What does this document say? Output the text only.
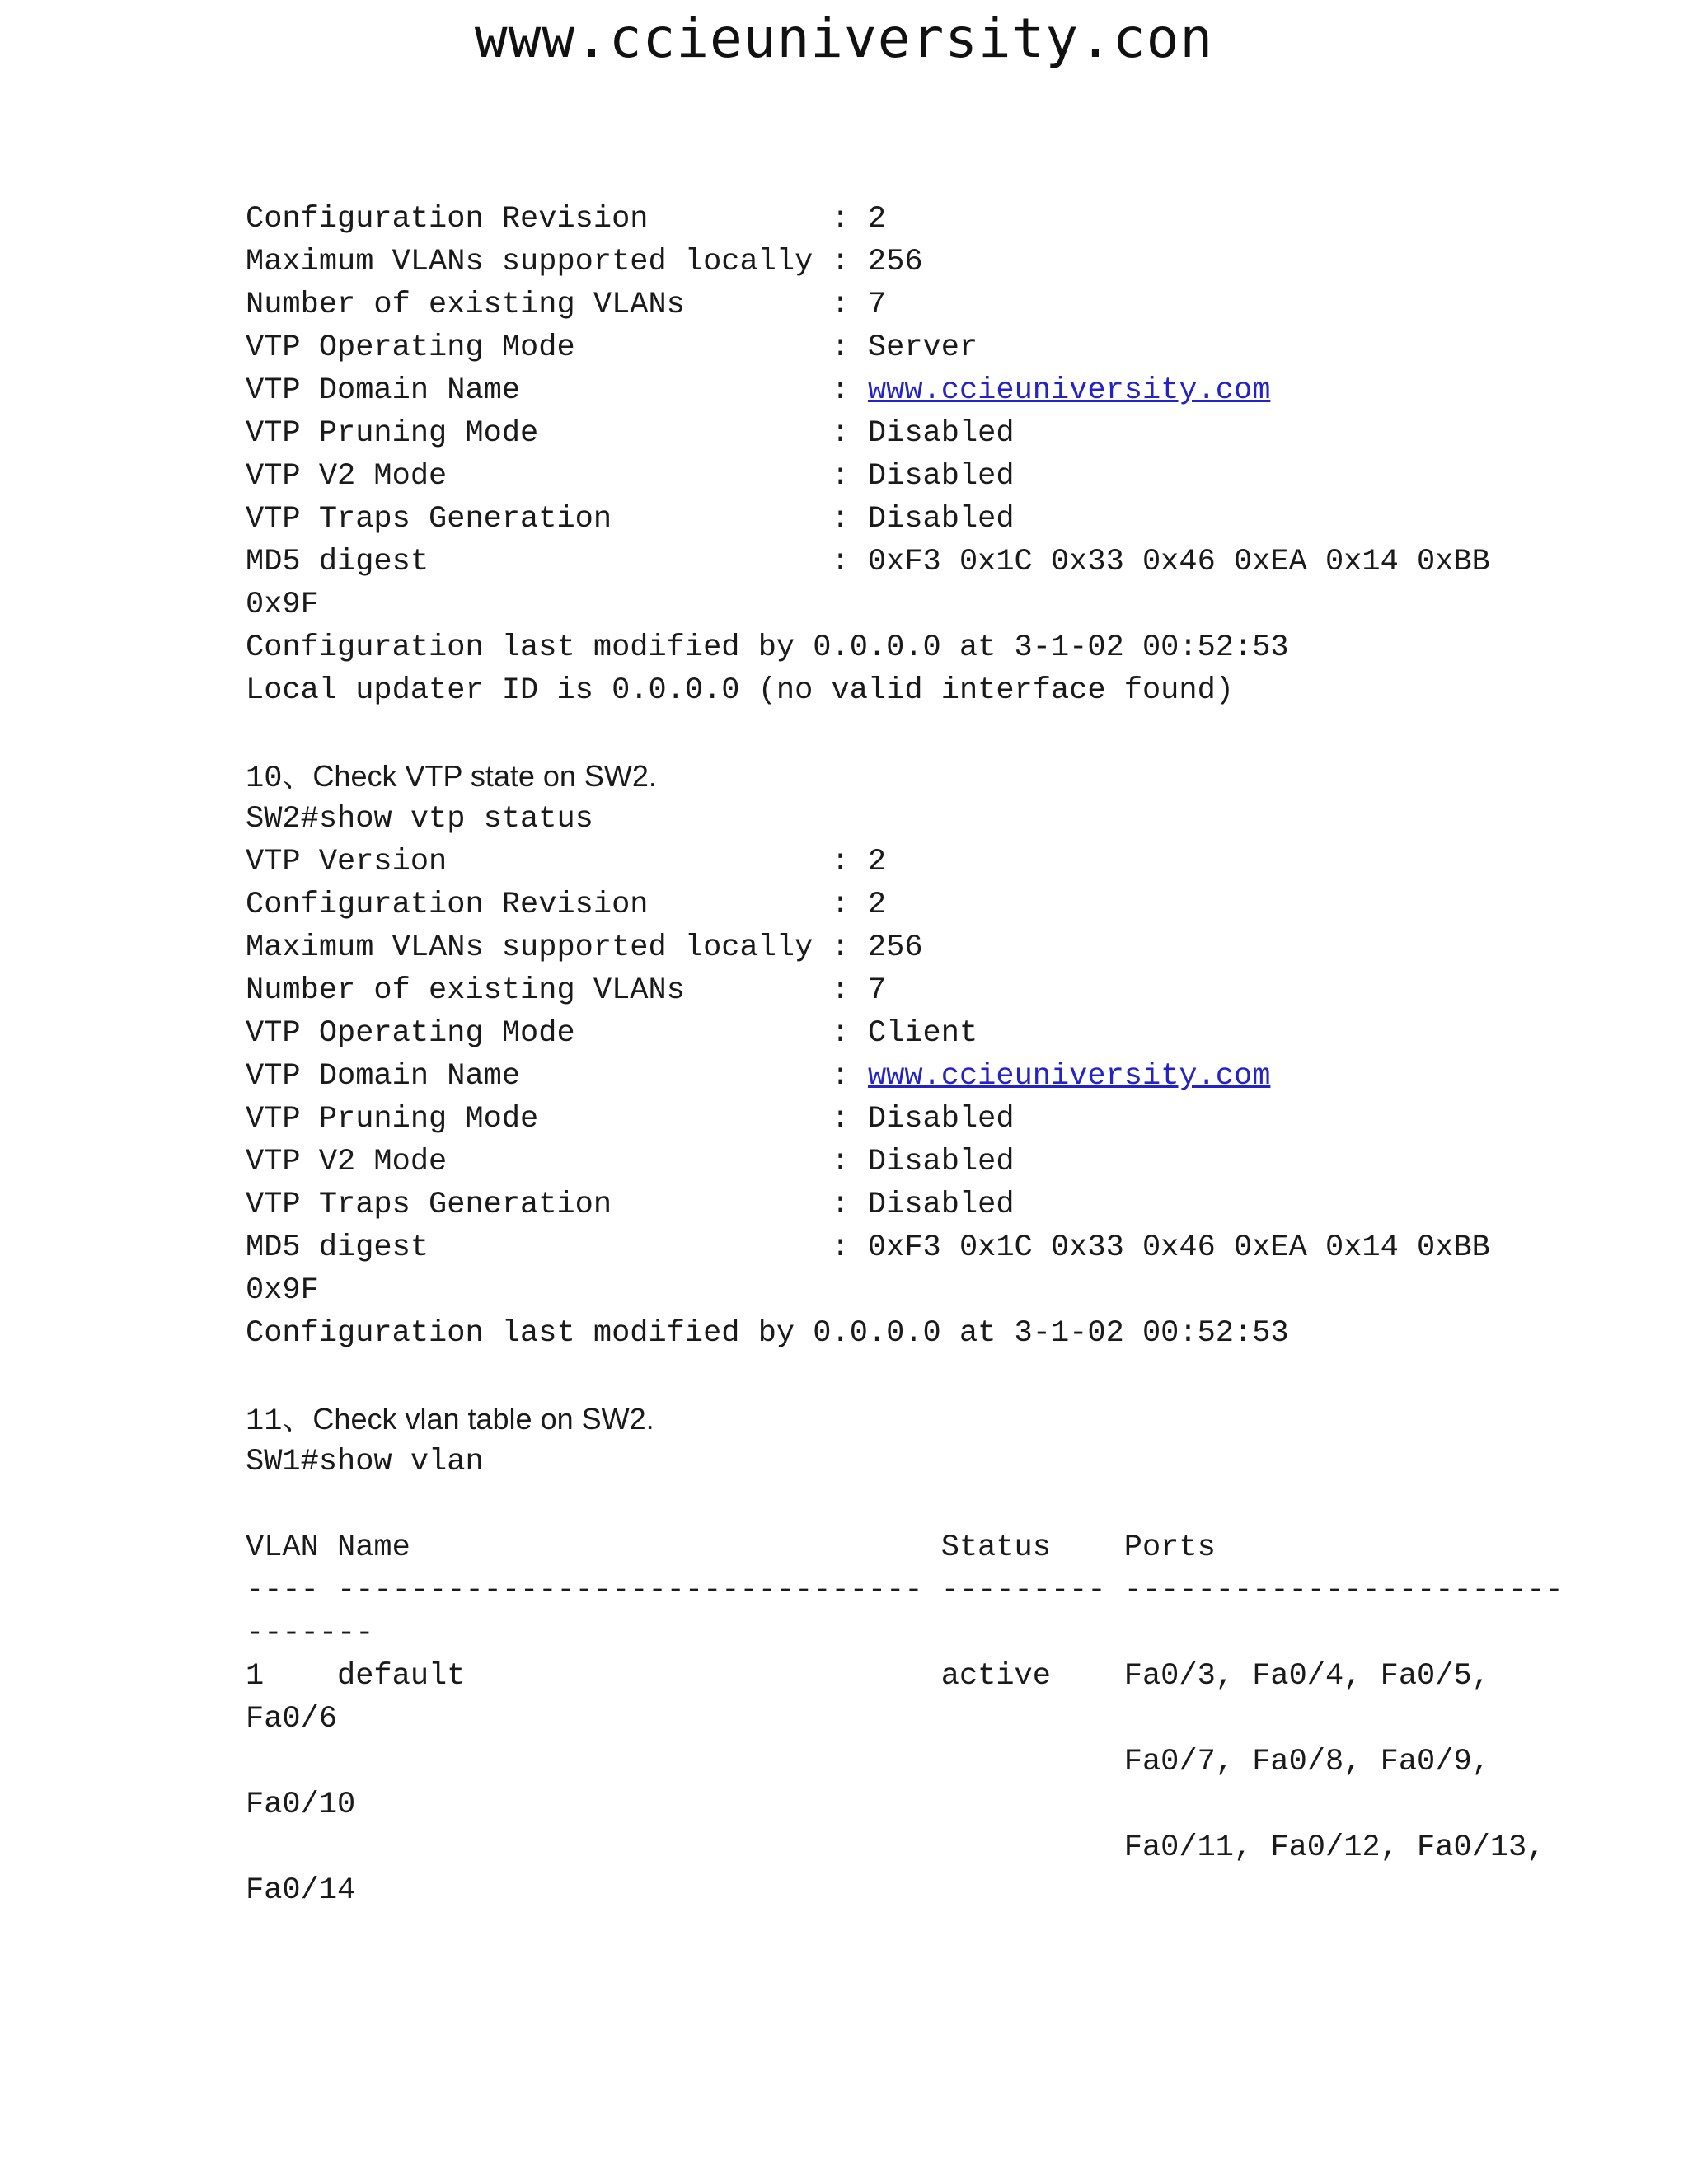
www.ccieuniversity.con
Configuration Revision          : 2
Maximum VLANs supported locally : 256
Number of existing VLANs        : 7
VTP Operating Mode              : Server
VTP Domain Name                 : www.ccieuniversity.com
VTP Pruning Mode                : Disabled
VTP V2 Mode                     : Disabled
VTP Traps Generation            : Disabled
MD5 digest                      : 0xF3 0x1C 0x33 0x46 0xEA 0x14 0xBB
0x9F
Configuration last modified by 0.0.0.0 at 3-1-02 00:52:53
Local updater ID is 0.0.0.0 (no valid interface found)
10、Check VTP state on SW2.
SW2#show vtp status
VTP Version                     : 2
Configuration Revision          : 2
Maximum VLANs supported locally : 256
Number of existing VLANs        : 7
VTP Operating Mode              : Client
VTP Domain Name                 : www.ccieuniversity.com
VTP Pruning Mode                : Disabled
VTP V2 Mode                     : Disabled
VTP Traps Generation            : Disabled
MD5 digest                      : 0xF3 0x1C 0x33 0x46 0xEA 0x14 0xBB
0x9F
Configuration last modified by 0.0.0.0 at 3-1-02 00:52:53
11、Check vlan table on SW2.
SW1#show vlan
VLAN Name                             Status    Ports
---- -------------------------------- --------- ------------------------
-------
1    default                          active    Fa0/3, Fa0/4, Fa0/5,
Fa0/6
Fa0/7, Fa0/8, Fa0/9,
Fa0/10
Fa0/11, Fa0/12, Fa0/13,
Fa0/14
